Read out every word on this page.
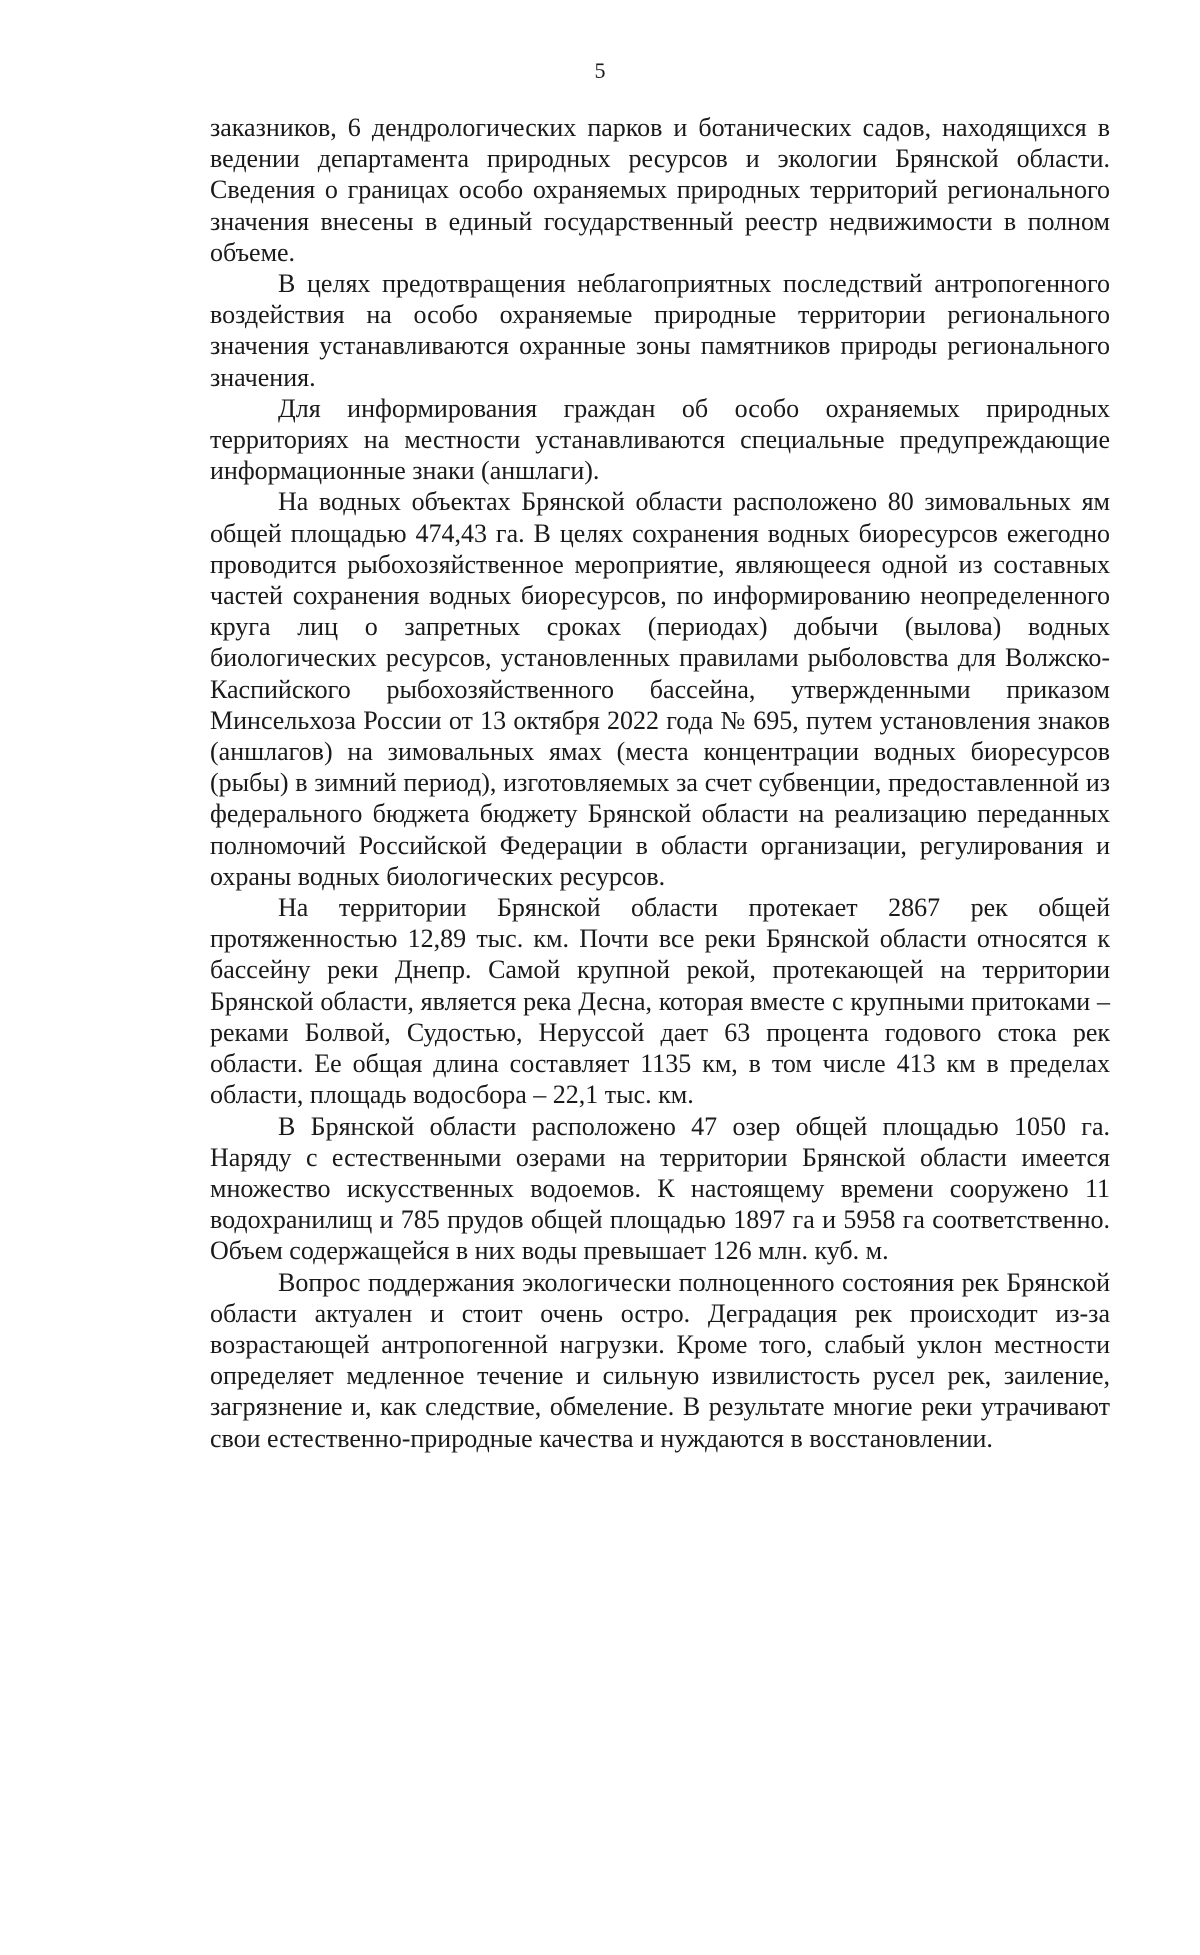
5

заказников, 6 дендрологических парков и ботанических садов, находящихся в ведении департамента природных ресурсов и экологии Брянской области. Сведения о границах особо охраняемых природных территорий регионального значения внесены в единый государственный реестр недвижимости в полном объеме.

В целях предотвращения неблагоприятных последствий антропогенного воздействия на особо охраняемые природные территории регионального значения устанавливаются охранные зоны памятников природы регионального значения.

Для информирования граждан об особо охраняемых природных территориях на местности устанавливаются специальные предупреждающие информационные знаки (аншлаги).

На водных объектах Брянской области расположено 80 зимовальных ям общей площадью 474,43 га. В целях сохранения водных биоресурсов ежегодно проводится рыбохозяйственное мероприятие, являющееся одной из составных частей сохранения водных биоресурсов, по информированию неопределенного круга лиц о запретных сроках (периодах) добычи (вылова) водных биологических ресурсов, установленных правилами рыболовства для Волжско-Каспийского рыбохозяйственного бассейна, утвержденными приказом Минсельхоза России от 13 октября 2022 года № 695, путем установления знаков (аншлагов) на зимовальных ямах (места концентрации водных биоресурсов (рыбы) в зимний период), изготовляемых за счет субвенции, предоставленной из федерального бюджета бюджету Брянской области на реализацию переданных полномочий Российской Федерации в области организации, регулирования и охраны водных биологических ресурсов.

На территории Брянской области протекает 2867 рек общей протяженностью 12,89 тыс. км. Почти все реки Брянской области относятся к бассейну реки Днепр. Самой крупной рекой, протекающей на территории Брянской области, является река Десна, которая вместе с крупными притоками – реками Болвой, Судостью, Неруссой дает 63 процента годового стока рек области. Ее общая длина составляет 1135 км, в том числе 413 км в пределах области, площадь водосбора – 22,1 тыс. км.

В Брянской области расположено 47 озер общей площадью 1050 га. Наряду с естественными озерами на территории Брянской области имеется множество искусственных водоемов. К настоящему времени сооружено 11 водохранилищ и 785 прудов общей площадью 1897 га и 5958 га соответственно. Объем содержащейся в них воды превышает 126 млн. куб. м.

Вопрос поддержания экологически полноценного состояния рек Брянской области актуален и стоит очень остро. Деградация рек происходит из-за возрастающей антропогенной нагрузки. Кроме того, слабый уклон местности определяет медленное течение и сильную извилистость русел рек, заиление, загрязнение и, как следствие, обмеление. В результате многие реки утрачивают свои естественно-природные качества и нуждаются в восстановлении.
